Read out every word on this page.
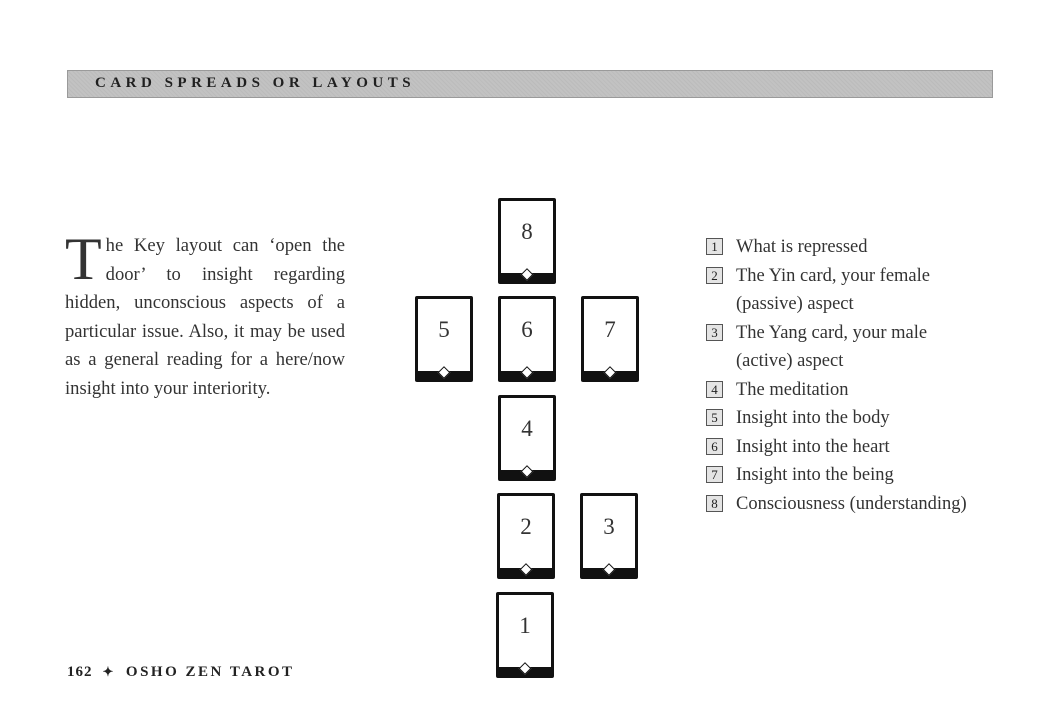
CARD SPREADS OR LAYOUTS
The Key layout can ‘open the door’ to insight regarding hidden, unconscious aspects of a particular issue. Also, it may be used as a general reading for a here/now insight into your interiority.
8
5	6	7
4
2	3
1
1 What is repressed
2 The Yin card, your female
(passive) aspect
3 The Yang card, your male
(active) aspect
4 The meditation
5 Insight into the body
6 Insight into the heart
7 Insight into the being
8 Consciousness (understanding)
162 ✦ OSHO ZEN TAROT
